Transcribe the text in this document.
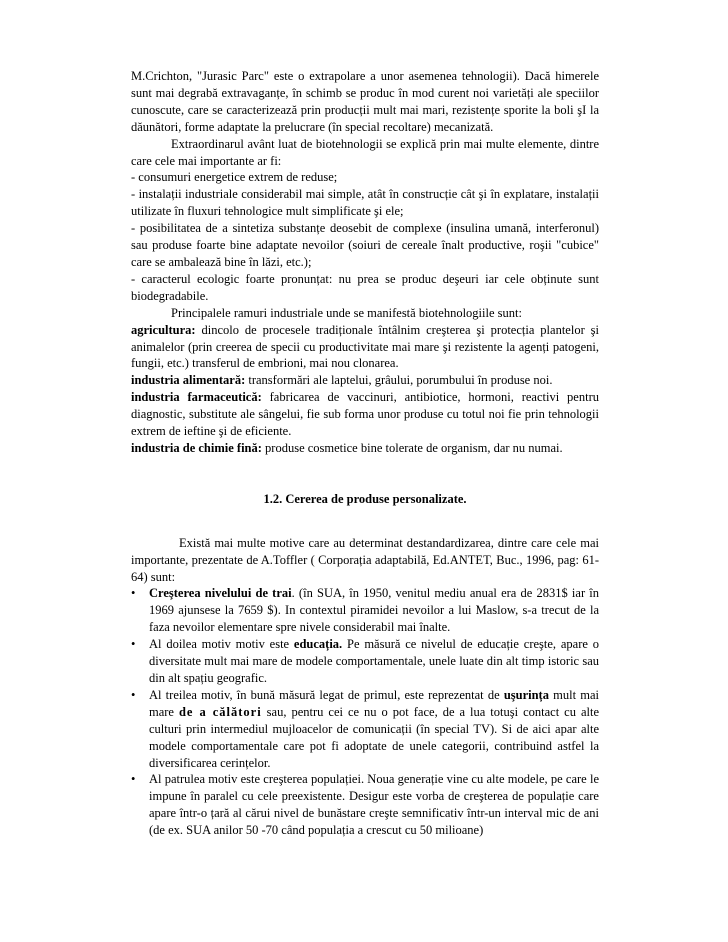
M.Crichton, "Jurasic Parc" este o extrapolare a unor asemenea tehnologii). Dacă himerele sunt mai degrabă extravaganțe, în schimb se produc în mod curent noi varietăți ale speciilor cunoscute, care se caracterizează prin producții mult mai mari, rezistențe sporite la boli şI la dăunători, forme adaptate la prelucrare (în special recoltare) mecanizată.

Extraordinarul avânt luat de biotehnologii se explică prin mai multe elemente, dintre care cele mai importante ar fi:

- consumuri energetice extrem de reduse;

- instalații industriale considerabil mai simple, atât în construcție cât şi în explatare, instalații utilizate în fluxuri tehnologice mult simplificate şi ele;

- posibilitatea de a sintetiza substanțe deosebit de complexe (insulina umană, interferonul) sau produse foarte bine adaptate nevoilor (soiuri de cereale înalt productive, roşii "cubice" care se ambalează bine în lăzi, etc.);

- caracterul ecologic foarte pronunțat: nu prea se produc deşeuri iar cele obținute sunt biodegradabile.

Principalele ramuri industriale unde se manifestă biotehnologiile sunt:

agricultura: dincolo de procesele tradiționale întâlnim creşterea şi protecția plantelor şi animalelor (prin creerea de specii cu productivitate mai mare şi rezistente la agenți patogeni, fungii, etc.) transferul de embrioni, mai nou clonarea.

industria alimentară: transformări ale laptelui, grâului, porumbului în produse noi.

industria farmaceutică: fabricarea de vaccinuri, antibiotice, hormoni, reactivi pentru diagnostic, substitute ale sângelui, fie sub forma unor produse cu totul noi fie prin tehnologii extrem de ieftine şi de eficiente.

industria de chimie fină: produse cosmetice bine tolerate de organism, dar nu numai.

1.2. Cererea de produse personalizate.

Există mai multe motive care au determinat destandardizarea, dintre care cele mai importante, prezentate de A.Toffler ( Corporația adaptabilă, Ed.ANTET, Buc., 1996, pag: 61-64) sunt:

• Creşterea nivelului de trai. (în SUA, în 1950, venitul mediu anual era de 2831$ iar în 1969 ajunsese la 7659 $). In contextul piramidei nevoilor a lui Maslow, s-a trecut de la faza nevoilor elementare spre nivele considerabil mai înalte.
• Al doilea motiv motiv este educația. Pe măsură ce nivelul de educație creşte, apare o diversitate mult mai mare de modele comportamentale, unele luate din alt timp istoric sau din alt spațiu geografic.
• Al treilea motiv, în bună măsură legat de primul, este reprezentat de uşurința mult mai mare de a călători sau, pentru cei ce nu o pot face, de a lua totuşi contact cu alte culturi prin intermediul mujloacelor de comunicații (în special TV). Si de aici apar alte modele comportamentale care pot fi adoptate de unele categorii, contribuind astfel la diversificarea cerințelor.
• Al patrulea motiv este creşterea populației. Noua generație vine cu alte modele, pe care le impune în paralel cu cele preexistente. Desigur este vorba de creşterea de populație care apare într-o țară al cărui nivel de bunăstare creşte semnificativ într-un interval mic de ani (de ex. SUA anilor 50 -70 când populația a crescut cu 50 milioane)
